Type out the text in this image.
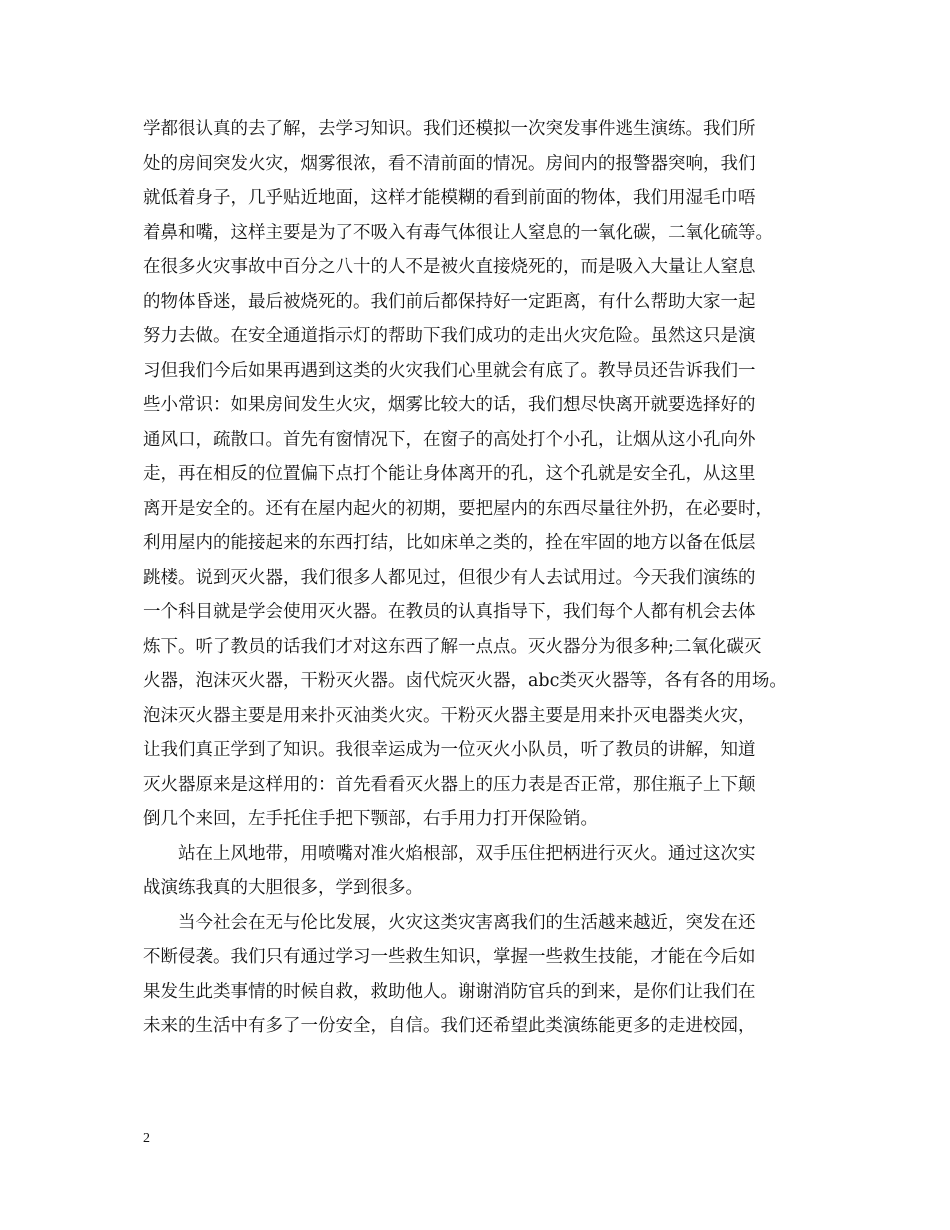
学都很认真的去了解，去学习知识。我们还模拟一次突发事件逃生演练。我们所
处的房间突发火灾，烟雾很浓，看不清前面的情况。房间内的报警器突响，我们
就低着身子，几乎贴近地面，这样才能模糊的看到前面的物体，我们用湿毛巾唔
着鼻和嘴，这样主要是为了不吸入有毒气体很让人窒息的一氧化碳，二氧化硫等。
在很多火灾事故中百分之八十的人不是被火直接烧死的，而是吸入大量让人窒息
的物体昏迷，最后被烧死的。我们前后都保持好一定距离，有什么帮助大家一起
努力去做。在安全通道指示灯的帮助下我们成功的走出火灾危险。虽然这只是演
习但我们今后如果再遇到这类的火灾我们心里就会有底了。教导员还告诉我们一
些小常识：如果房间发生火灾，烟雾比较大的话，我们想尽快离开就要选择好的
通风口，疏散口。首先有窗情况下，在窗子的高处打个小孔，让烟从这小孔向外
走，再在相反的位置偏下点打个能让身体离开的孔，这个孔就是安全孔，从这里
离开是安全的。还有在屋内起火的初期，要把屋内的东西尽量往外扔，在必要时，
利用屋内的能接起来的东西打结，比如床单之类的，拴在牢固的地方以备在低层
跳楼。说到灭火器，我们很多人都见过，但很少有人去试用过。今天我们演练的
一个科目就是学会使用灭火器。在教员的认真指导下，我们每个人都有机会去体
炼下。听了教员的话我们才对这东西了解一点点。灭火器分为很多种;二氧化碳灭
火器，泡沫灭火器，干粉灭火器。卤代烷灭火器，abc类灭火器等，各有各的用场。
泡沫灭火器主要是用来扑灭油类火灾。干粉灭火器主要是用来扑灭电器类火灾，
让我们真正学到了知识。我很幸运成为一位灭火小队员，听了教员的讲解，知道
灭火器原来是这样用的：首先看看灭火器上的压力表是否正常，那住瓶子上下颠
倒几个来回，左手托住手把下颚部，右手用力打开保险销。
站在上风地带，用喷嘴对准火焰根部，双手压住把柄进行灭火。通过这次实
战演练我真的大胆很多，学到很多。
当今社会在无与伦比发展，火灾这类灾害离我们的生活越来越近，突发在还
不断侵袭。我们只有通过学习一些救生知识，掌握一些救生技能，才能在今后如
果发生此类事情的时候自救，救助他人。谢谢消防官兵的到来，是你们让我们在
未来的生活中有多了一份安全，自信。我们还希望此类演练能更多的走进校园，
2
